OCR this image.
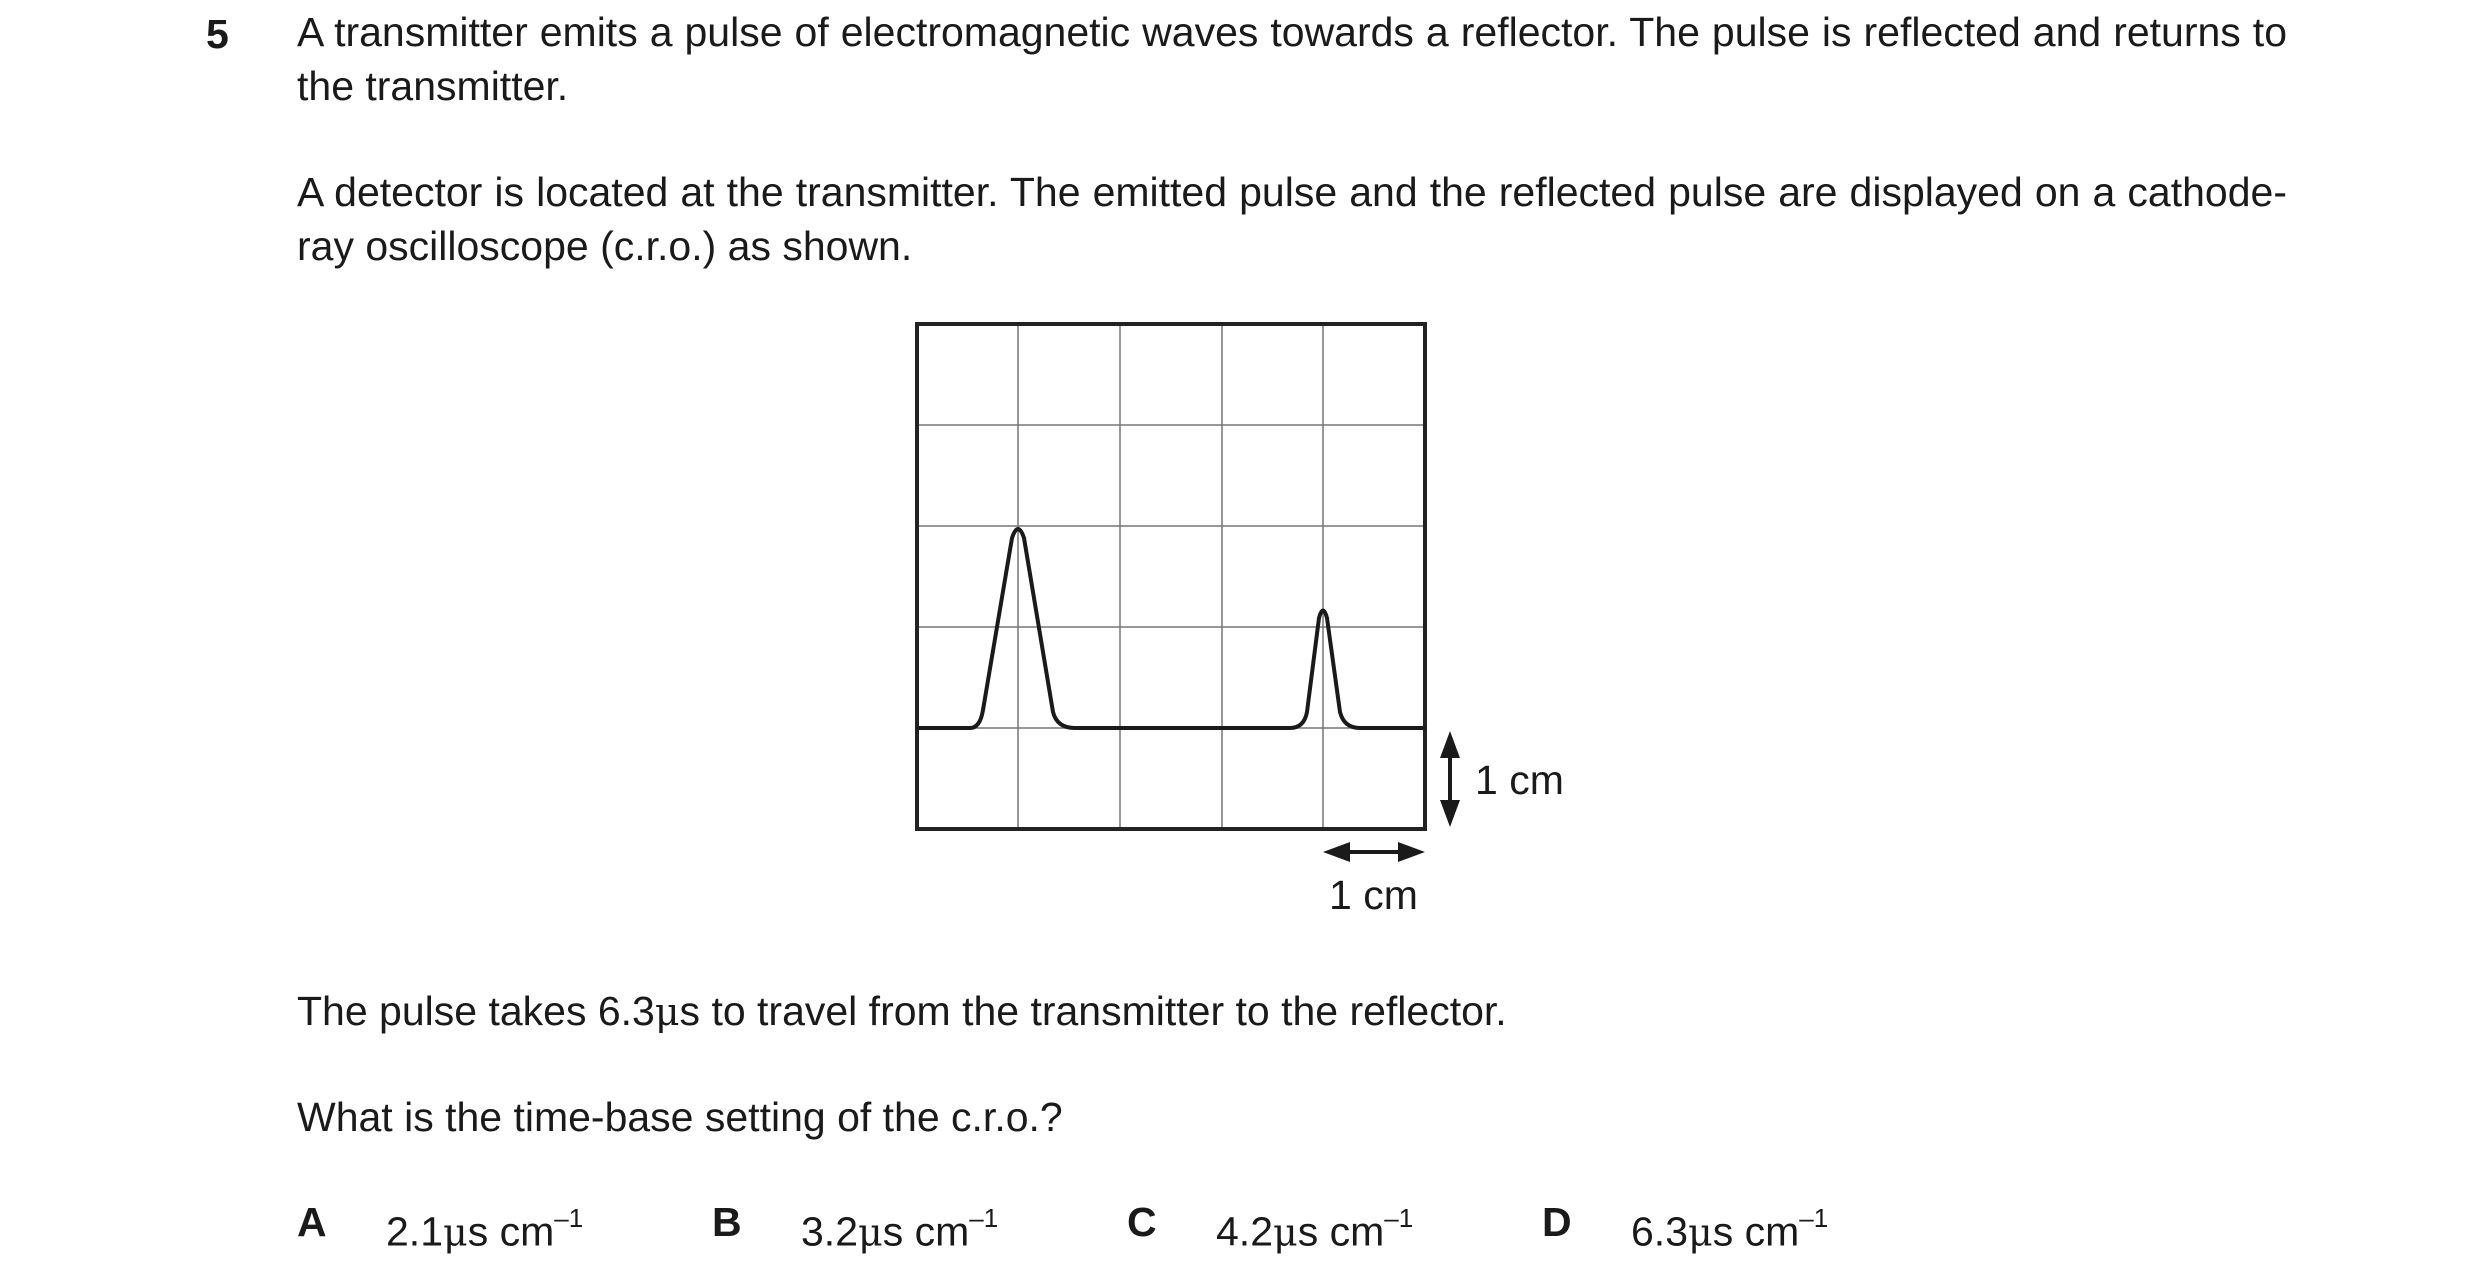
5 A transmitter emits a pulse of electromagnetic waves towards a reflector. The pulse is reflected and returns to the transmitter.

A detector is located at the transmitter. The emitted pulse and the reflected pulse are displayed on a cathode-ray oscilloscope (c.r.o.) as shown.

1 cm
1 cm
The pulse takes 6.3μs to travel from the transmitter to the reflector.
What is the time-base setting of the c.r.o.?
A 2.1μs $cm^{-1}$	B 3.2μs $cm^{-1}$	C 4.2μs $cm^{-1}$	D 6.3μs $cm^{-1}$
